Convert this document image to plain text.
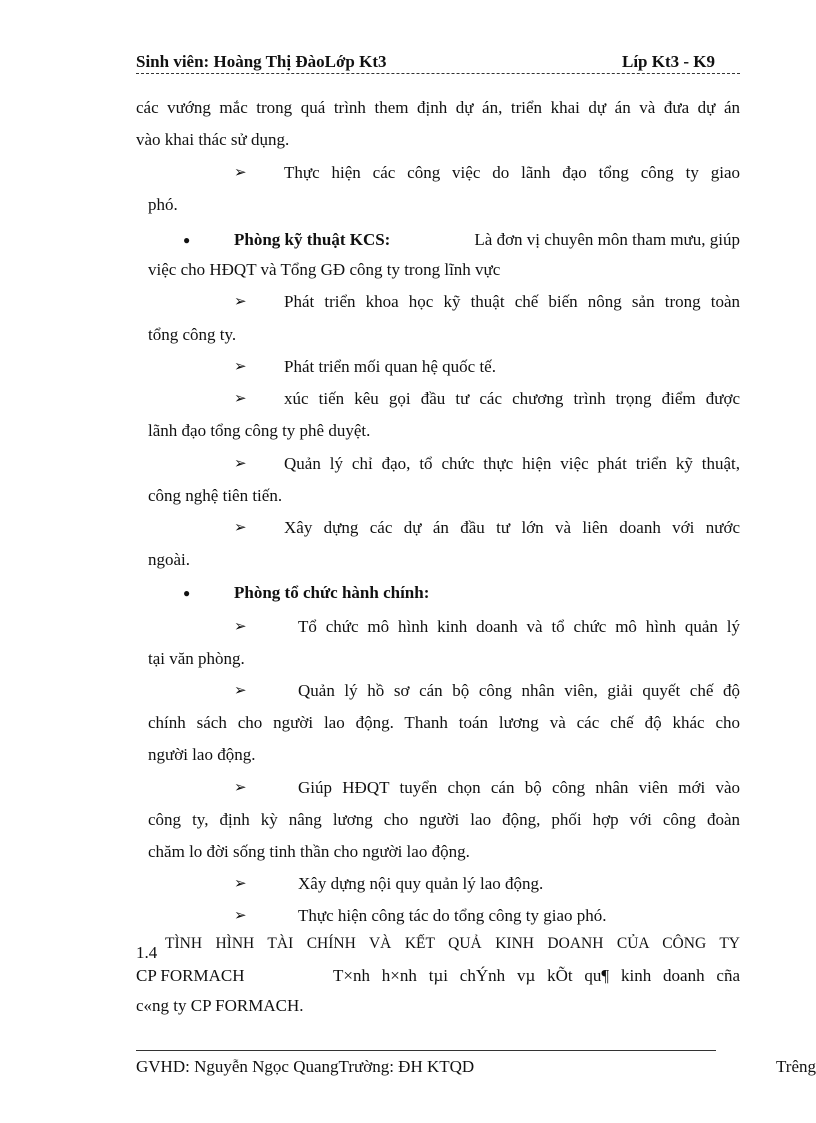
Sinh viên: Hoàng Thị ĐàoLớp Kt3	Líp Kt3 - K9
các vướng mắc trong quá trình them định dự án, triển khai dự án và đưa dự án
vào khai thác sử dụng.
➢ Thực hiện các công việc do lãnh đạo tổng công ty giao
phó.
●	Phòng kỹ thuật KCS:	Là đơn vị chuyên môn tham mưu, giúp
việc cho HĐQT và Tổng GĐ công ty trong lĩnh vực
➢ Phát triển khoa học kỹ thuật chế biến nông sản trong toàn
tổng công ty.
➢ Phát triển mối quan hệ quốc tế.
➢ xúc tiến kêu gọi đầu tư các chương trình trọng điểm được
lãnh đạo tổng công ty phê duyệt.
➢ Quản lý chỉ đạo, tổ chức thực hiện việc phát triển kỹ thuật,
công nghệ tiên tiến.
➢ Xây dựng các dự án đầu tư lớn và liên doanh với nước
ngoài.
●	Phòng tổ chức hành chính:
➢	Tổ chức mô hình kinh doanh và tổ chức mô hình quản lý
tại văn phòng.
➢	Quản lý hồ sơ cán bộ công nhân viên, giải quyết chế độ
chính sách cho người lao động. Thanh toán lương và các chế độ khác cho
người lao động.
➢	Giúp HĐQT tuyển chọn cán bộ công nhân viên mới vào
công ty, định kỳ nâng lương cho người lao động, phối hợp với công đoàn
chăm lo đời sống tinh thần cho người lao động.
➢	Xây dựng nội quy quản lý lao động.
➢	Thực hiện công tác do tổng công ty giao phó.
1.4 TÌNH HÌNH TÀI CHÍNH VÀ KẾT QUẢ KINH DOANH CỦA CÔNG TY
CP FORMACH	T×nh h×nh tµi chÝnh vµ kÕt qu¶ kinh doanh cña
c«ng ty CP FORMACH.
GVHD: Nguyễn Ngọc QuangTrường: ĐH KTQD	Trêng
